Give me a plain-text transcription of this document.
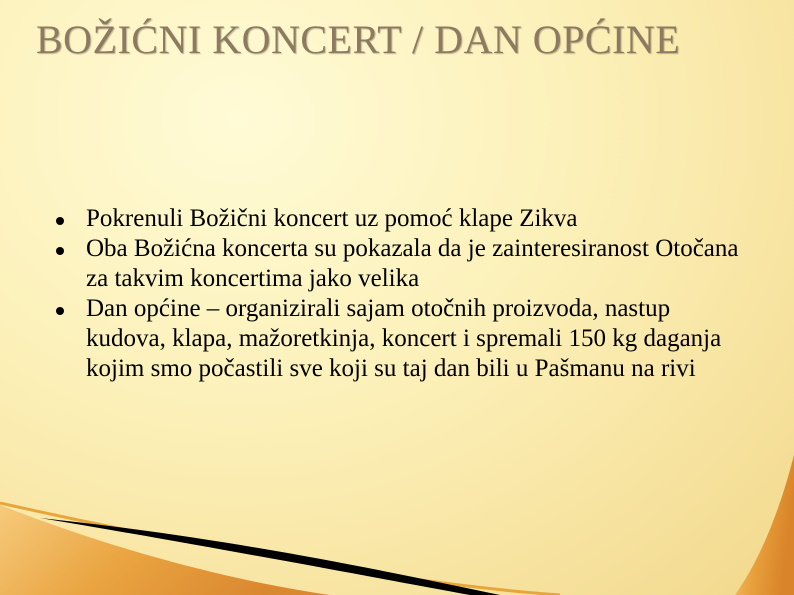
BOŽIĆNI KONCERT / DAN OPĆINE
Pokrenuli Božični koncert uz pomoć klape Zikva
Oba Božićna koncerta su pokazala da je zainteresiranost Otočana za takvim koncertima jako velika
Dan općine – organizirali sajam otočnih proizvoda, nastup kudova, klapa, mažoretkinja, koncert i spremali 150 kg daganja kojim smo počastili sve koji su taj dan bili u Pašmanu na rivi
